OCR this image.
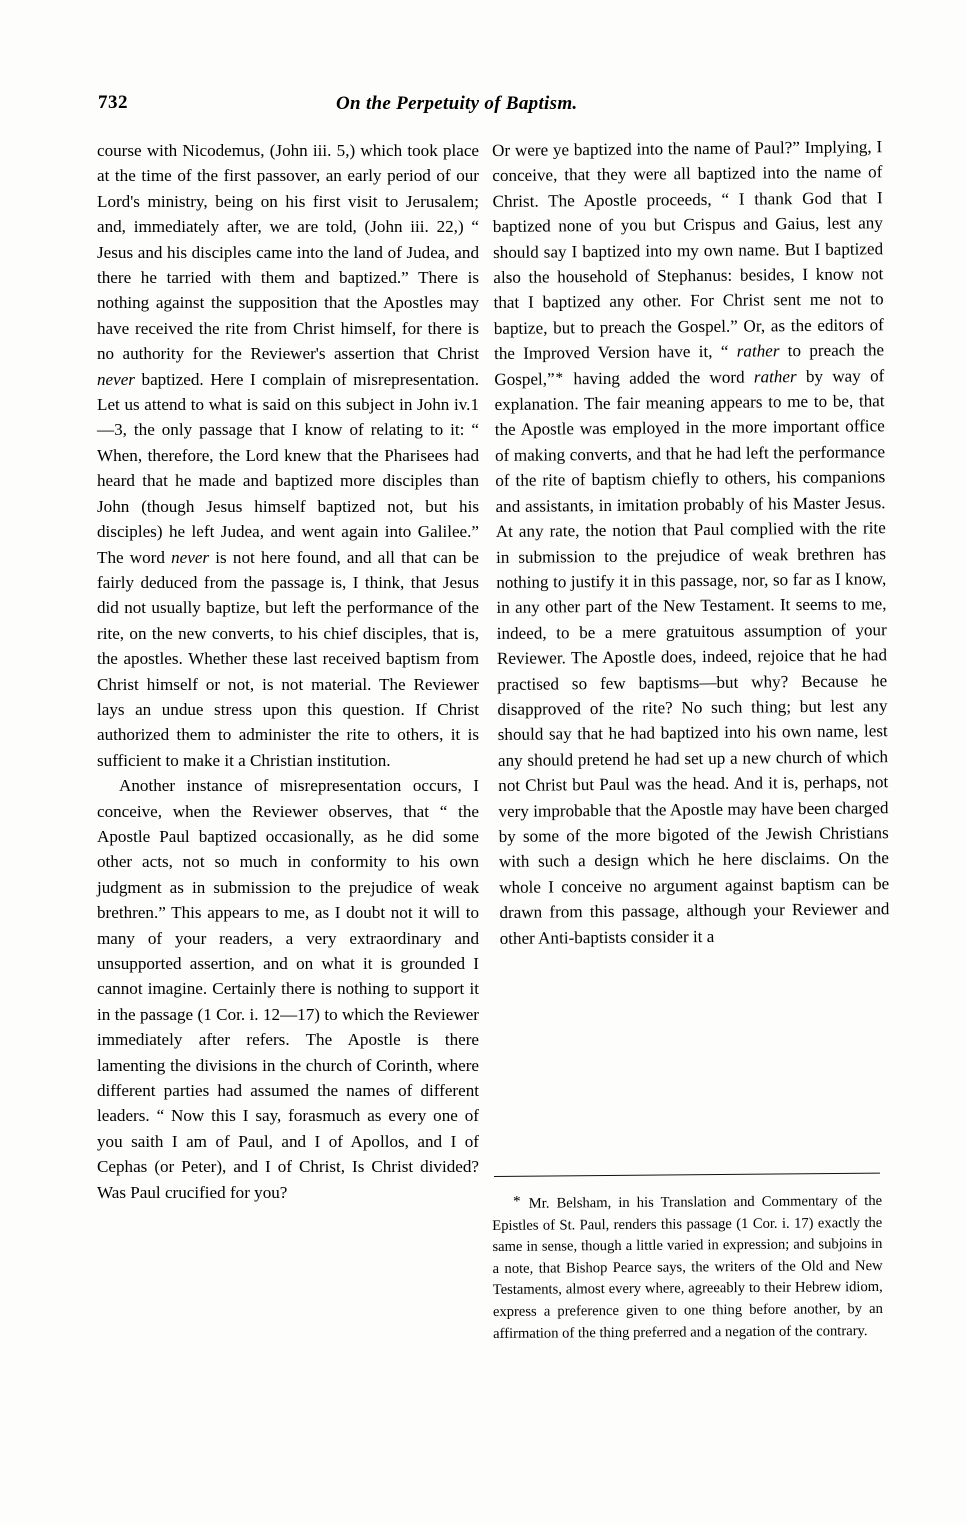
732	On the Perpetuity of Baptism.

course with Nicodemus, (John iii. 5,) which took place at the time of the first passover, an early period of our Lord's ministry, being on his first visit to Jerusalem; and, immediately after, we are told, (John iii. 22,) “ Jesus and his disciples came into the land of Judea, and there he tarried with them and baptized.” There is nothing against the supposition that the Apostles may have received the rite from Christ himself, for there is no authority for the Reviewer's assertion that Christ never baptized. Here I complain of misrepresentation. Let us attend to what is said on this subject in John iv.1—3, the only passage that I know of relating to it: “ When, therefore, the Lord knew that the Pharisees had heard that he made and baptized more disciples than John (though Jesus himself baptized not, but his disciples) he left Judea, and went again into Galilee.” The word never is not here found, and all that can be fairly deduced from the passage is, I think, that Jesus did not usually baptize, but left the performance of the rite, on the new converts, to his chief disciples, that is, the apostles. Whether these last received baptism from Christ himself or not, is not material. The Reviewer lays an undue stress upon this question. If Christ authorized them to administer the rite to others, it is sufficient to make it a Christian institution.

Another instance of misrepresentation occurs, I conceive, when the Reviewer observes, that “ the Apostle Paul baptized occasionally, as he did some other acts, not so much in conformity to his own judgment as in submission to the prejudice of weak brethren.” This appears to me, as I doubt not it will to many of your readers, a very extraordinary and unsupported assertion, and on what it is grounded I cannot imagine. Certainly there is nothing to support it in the passage (1 Cor. i. 12—17) to which the Reviewer immediately after refers. The Apostle is there lamenting the divisions in the church of Corinth, where different parties had assumed the names of different leaders. “ Now this I say, forasmuch as every one of you saith I am of Paul, and I of Apollos, and I of Cephas (or Peter), and I of Christ, Is Christ divided? Was Paul crucified for you?

Or were ye baptized into the name of Paul?” Implying, I conceive, that they were all baptized into the name of Christ. The Apostle proceeds, “ I thank God that I baptized none of you but Crispus and Gaius, lest any should say I baptized into my own name. But I baptized also the household of Stephanus: besides, I know not that I baptized any other. For Christ sent me not to baptize, but to preach the Gospel.” Or, as the editors of the Improved Version have it, “ rather to preach the Gospel,”* having added the word rather by way of explanation. The fair meaning appears to me to be, that the Apostle was employed in the more important office of making converts, and that he had left the performance of the rite of baptism chiefly to others, his companions and assistants, in imitation probably of his Master Jesus. At any rate, the notion that Paul complied with the rite in submission to the prejudice of weak brethren has nothing to justify it in this passage, nor, so far as I know, in any other part of the New Testament. It seems to me, indeed, to be a mere gratuitous assumption of your Reviewer. The Apostle does, indeed, rejoice that he had practised so few baptisms—but why? Because he disapproved of the rite? No such thing; but lest any should say that he had baptized into his own name, lest any should pretend he had set up a new church of which not Christ but Paul was the head. And it is, perhaps, not very improbable that the Apostle may have been charged by some of the more bigoted of the Jewish Christians with such a design which he here disclaims. On the whole I conceive no argument against baptism can be drawn from this passage, although your Reviewer and other Anti-baptists consider it a

* Mr. Belsham, in his Translation and Commentary of the Epistles of St. Paul, renders this passage (1 Cor. i. 17) exactly the same in sense, though a little varied in expression; and subjoins in a note, that Bishop Pearce says, the writers of the Old and New Testaments, almost every where, agreeably to their Hebrew idiom, express a preference given to one thing before another, by an affirmation of the thing preferred and a negation of the contrary.
